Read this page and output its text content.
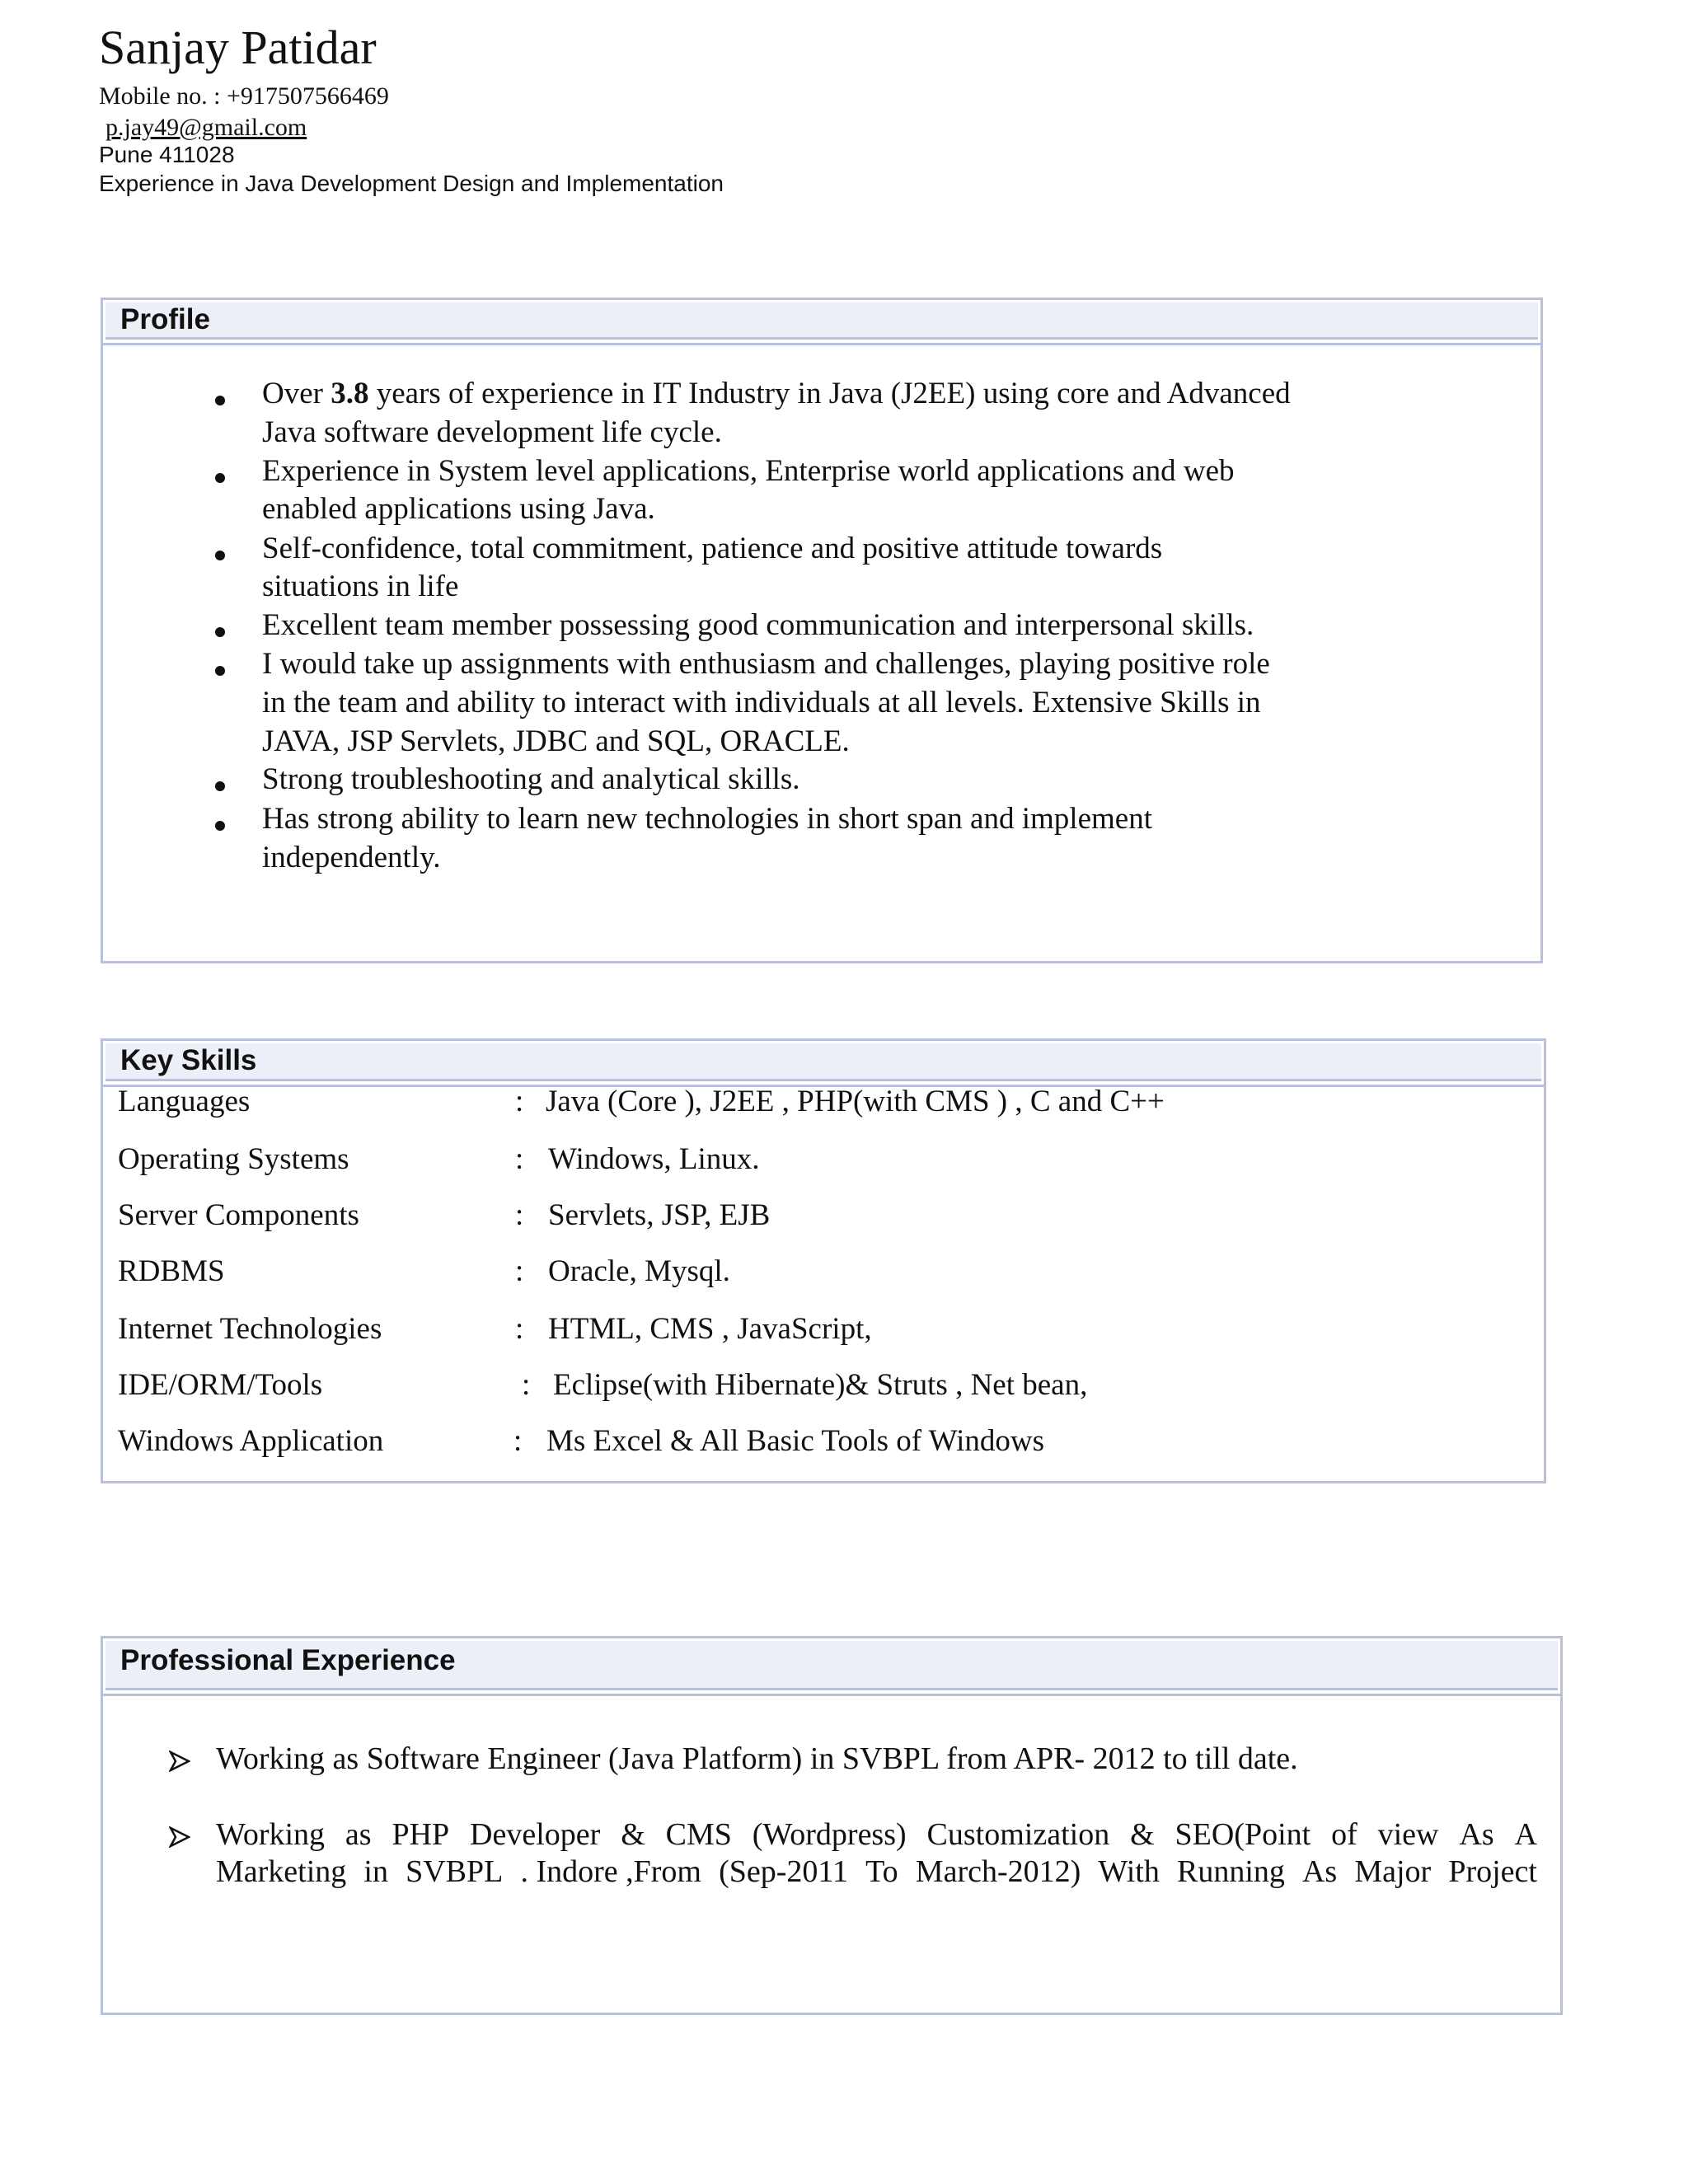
Sanjay Patidar
Mobile no. : +917507566469
p.jay49@gmail.com
Pune 411028
Experience in Java Development Design and Implementation
Profile
Over 3.8 years of experience in IT Industry in Java (J2EE) using core and Advanced
Java software development life cycle.
Experience in System level applications, Enterprise world applications and web
enabled applications using Java.
Self-confidence, total commitment, patience and positive attitude towards
situations in life
Excellent team member possessing good communication and interpersonal skills.
I would take up assignments with enthusiasm and challenges, playing positive role
in the team and ability to interact with individuals at all levels. Extensive Skills in
JAVA, JSP Servlets, JDBC and SQL, ORACLE.
Strong troubleshooting and analytical skills.
Has strong ability to learn new technologies in short span and implement
independently.
Key Skills
Languages	: Java (Core ), J2EE , PHP(with CMS ) , C and C++
Operating Systems	: Windows, Linux.
Server Components	: Servlets, JSP, EJB
RDBMS	: Oracle, Mysql.
Internet Technologies	: HTML, CMS , JavaScript,
IDE/ORM/Tools	: Eclipse(with Hibernate)& Struts , Net bean,
Windows Application	: Ms Excel & All Basic Tools of Windows
Professional Experience
Working as Software Engineer (Java Platform) in SVBPL from APR- 2012 to till date.
Working as PHP Developer & CMS (Wordpress) Customization & SEO(Point of view As A
Marketing in SVBPL . Indore ,From (Sep-2011 To March-2012) With Running As Major Project
